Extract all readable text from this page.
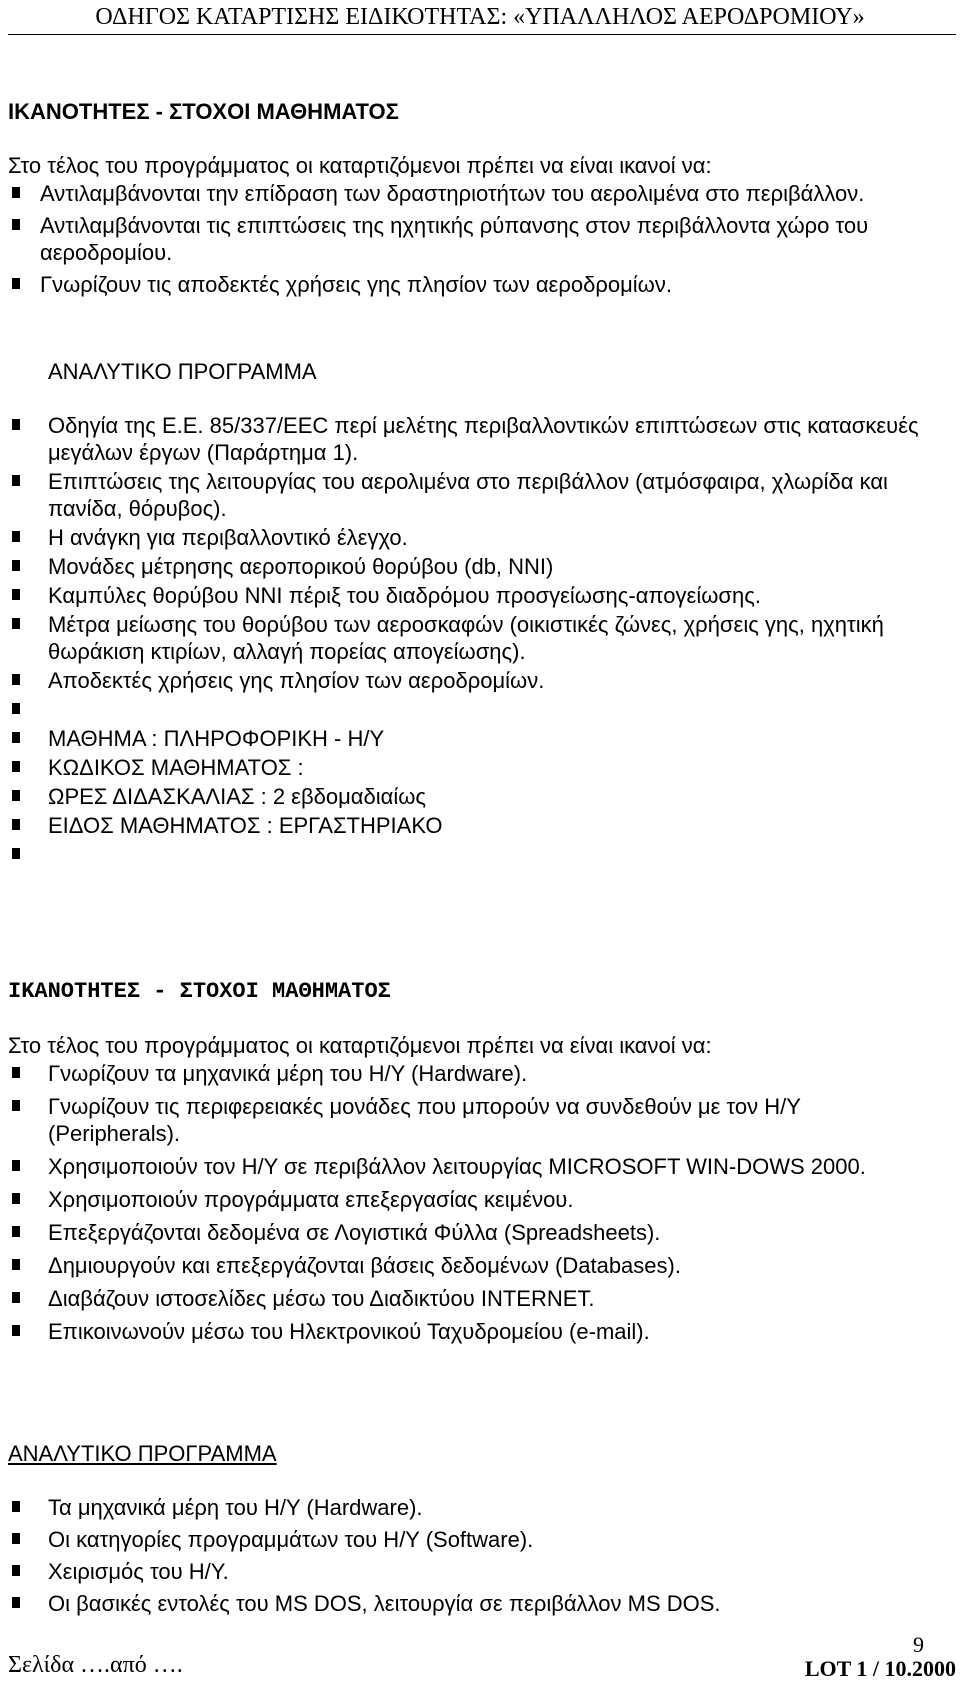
ΟΔΗΓΟΣ ΚΑΤΑΡΤΙΣΗΣ ΕΙΔΙΚΟΤΗΤΑΣ: «ΥΠΑΛΛΗΛΟΣ ΑΕΡΟΔΡΟΜΙΟΥ»
ΙΚΑΝΟΤΗΤΕΣ - ΣΤΟΧΟΙ ΜΑΘΗΜΑΤΟΣ
Στο τέλος του προγράμματος οι καταρτιζόμενοι πρέπει να είναι ικανοί να:
Αντιλαμβάνονται την επίδραση των δραστηριοτήτων του αερολιμένα στο περιβάλλον.
Αντιλαμβάνονται τις επιπτώσεις της ηχητικής ρύπανσης στον περιβάλλοντα χώρο του αεροδρομίου.
Γνωρίζουν τις αποδεκτές χρήσεις γης πλησίον των αεροδρομίων.
ΑΝΑΛΥΤΙΚΟ ΠΡΟΓΡΑΜΜΑ
Οδηγία της Ε.Ε. 85/337/ΕΕC περί μελέτης περιβαλλοντικών επιπτώσεων στις κατασκευές μεγάλων έργων (Παράρτημα 1).
Επιπτώσεις της λειτουργίας του αερολιμένα στο περιβάλλον (ατμόσφαιρα, χλωρίδα και πανίδα, θόρυβος).
Η ανάγκη για περιβαλλοντικό έλεγχο.
Μονάδες μέτρησης αεροπορικού θορύβου (db, NNI)
Καμπύλες θορύβου NNI πέριξ του διαδρόμου προσγείωσης-απογείωσης.
Μέτρα μείωσης του θορύβου των αεροσκαφών (οικιστικές ζώνες, χρήσεις γης, ηχητική θωράκιση κτιρίων, αλλαγή πορείας απογείωσης).
Αποδεκτές χρήσεις γης πλησίον των αεροδρομίων.
ΜΑΘΗΜΑ : ΠΛΗΡΟΦΟΡΙΚΗ - Η/Υ
ΚΩΔΙΚΟΣ ΜΑΘΗΜΑΤΟΣ :
ΩΡΕΣ ΔΙΔΑΣΚΑΛΙΑΣ : 2 εβδομαδιαίως
ΕΙΔΟΣ ΜΑΘΗΜΑΤΟΣ : ΕΡΓΑΣΤΗΡΙΑΚΟ
ΙΚΑΝΟΤΗΤΕΣ - ΣΤΟΧΟΙ ΜΑΘΗΜΑΤΟΣ
Στο τέλος του προγράμματος οι καταρτιζόμενοι πρέπει να είναι ικανοί να:
Γνωρίζουν τα μηχανικά μέρη του Η/Υ (Hardware).
Γνωρίζουν τις περιφερειακές μονάδες που μπορούν να συνδεθούν με τον Η/Υ (Peripherals).
Χρησιμοποιούν τον Η/Υ σε περιβάλλον λειτουργίας MICROSOFT WIN-DOWS 2000.
Χρησιμοποιούν προγράμματα επεξεργασίας κειμένου.
Επεξεργάζονται δεδομένα σε Λογιστικά Φύλλα (Spreadsheets).
Δημιουργούν και επεξεργάζονται βάσεις δεδομένων (Databases).
Διαβάζουν ιστοσελίδες μέσω του Διαδικτύου INTERNET.
Επικοινωνούν μέσω του Ηλεκτρονικού Ταχυδρομείου (e-mail).
ΑΝΑΛΥΤΙΚΟ ΠΡΟΓΡΑΜΜΑ
Τα μηχανικά μέρη του Η/Υ (Hardware).
Οι κατηγορίες προγραμμάτων του Η/Υ (Software).
Χειρισμός του Η/Υ.
Οι βασικές εντολές του MS DOS, λειτουργία σε περιβάλλον MS DOS.
9
Σελίδα ….από ….	LOT 1 / 10.2000
